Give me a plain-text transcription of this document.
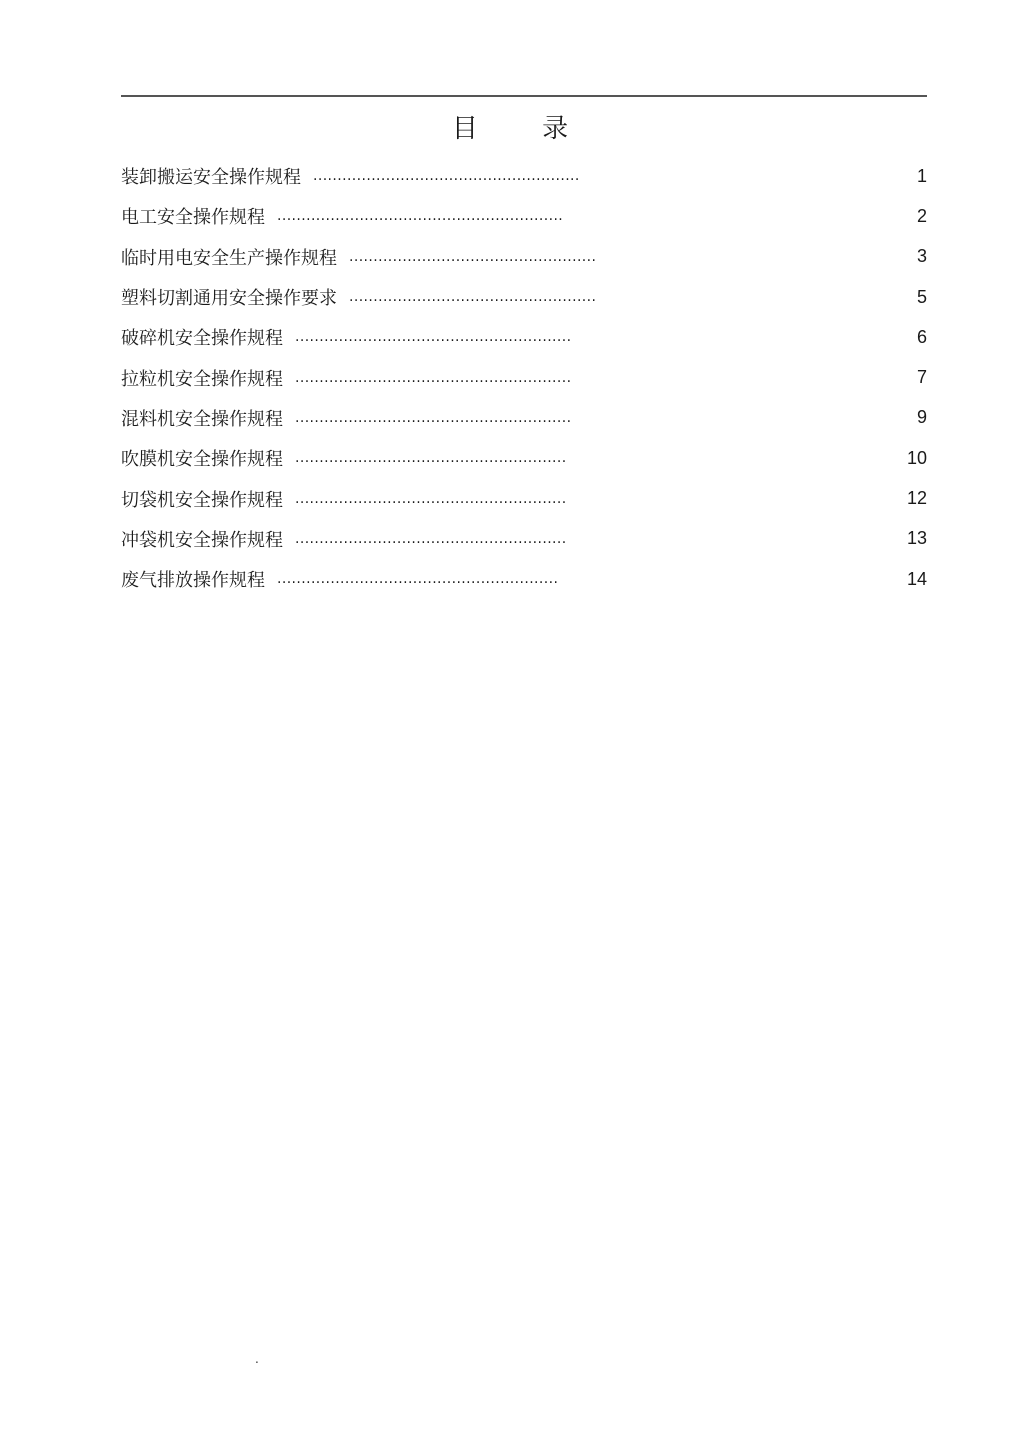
目 录
装卸搬运安全操作规程 .......................................................	1
电工安全操作规程 ...........................................................	2
临时用电安全生产操作规程 ...................................................	3
塑料切割通用安全操作要求 ...................................................	5
破碎机安全操作规程 .........................................................	6
拉粒机安全操作规程 .........................................................	7
混料机安全操作规程 .........................................................	9
吹膜机安全操作规程 ........................................................	10
切袋机安全操作规程 ........................................................	12
冲袋机安全操作规程 ........................................................	13
废气排放操作规程 ..........................................................	14
.
